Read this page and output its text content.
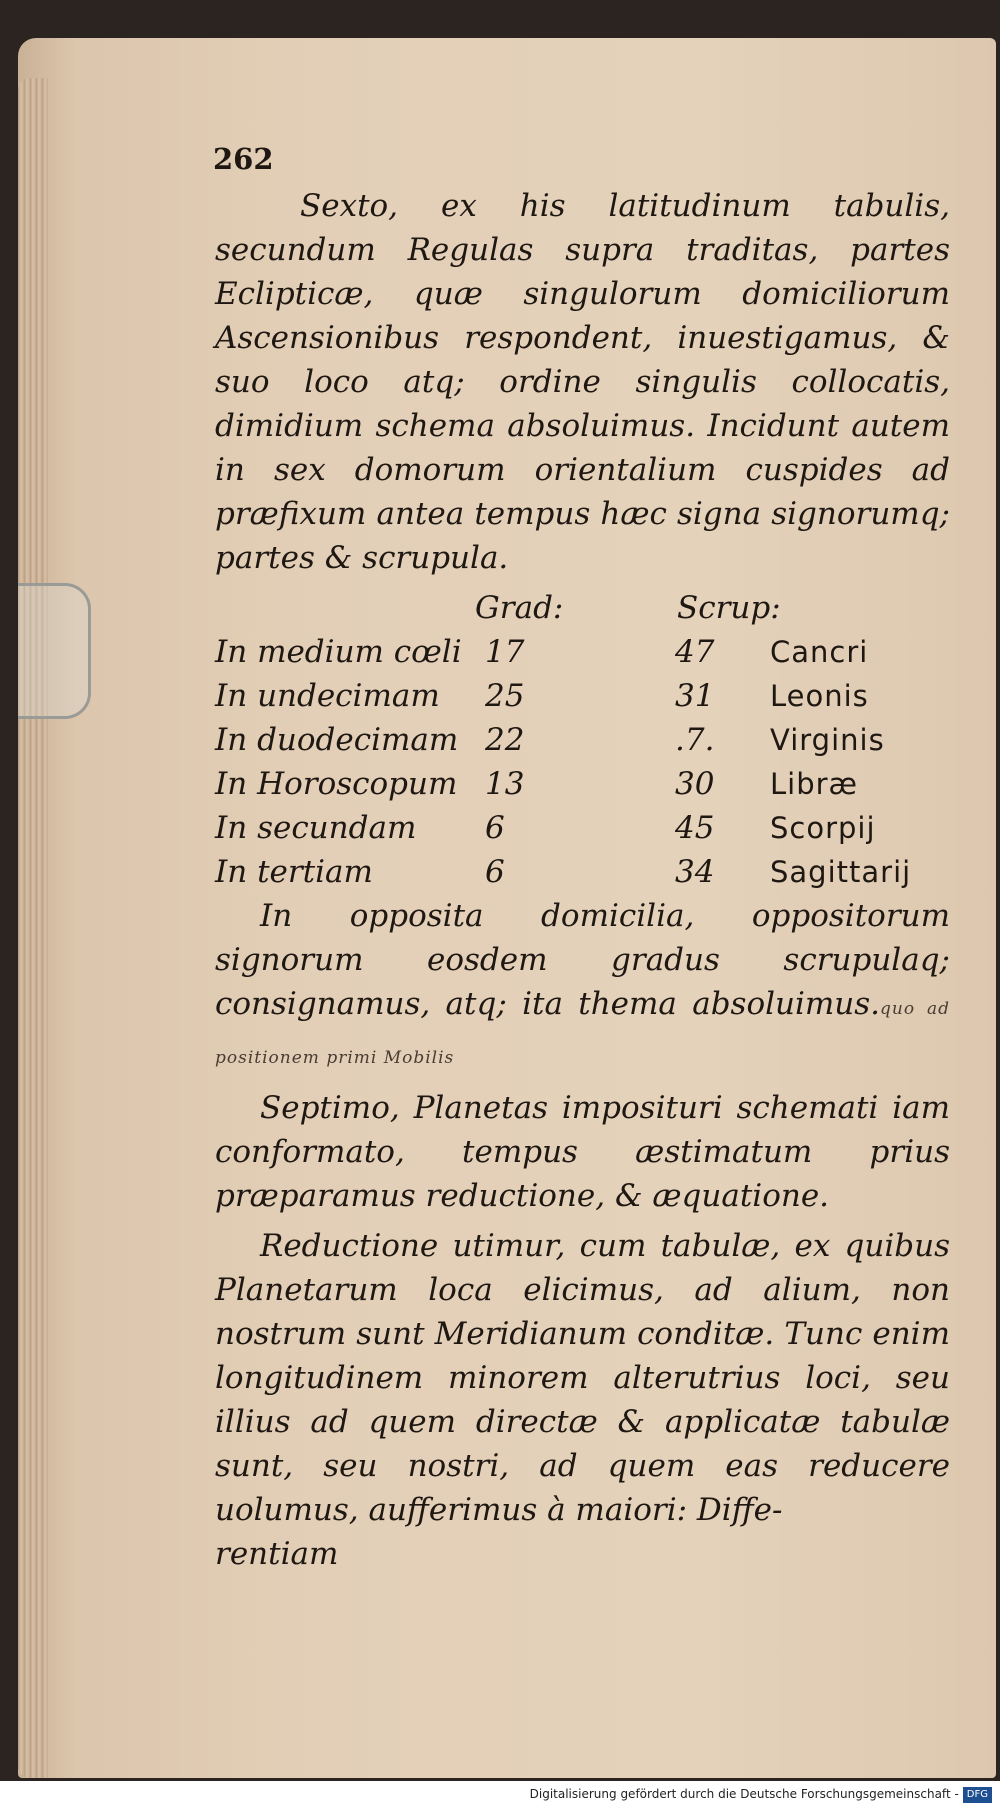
262

Sexto, ex his latitudinum tabulis, secundum Regulas supra traditas, partes Eclipticæ, quæ singulorum domiciliorum Ascensionibus respondent, inuestigamus, & suo loco atq; ordine singulis collocatis, dimidium schema absoluimus. Incidunt autem in sex domorum orientalium cuspides ad præfixum antea tempus hæc signa signorumq; partes & scrupula.

Grad:	Scrup:
In medium cœli	17	47	Cancri
In undecimam	25	31	Leonis
In duodecimam	22	.7.	Virginis
In Horoscopum	13	30	Libræ
In secundam	6	45	Scorpij
In tertiam	6	34	Sagittarij

In opposita domicilia, oppositorum signorum eosdem gradus scrupulaq; consignamus, atq; ita thema absoluimus.quo ad positionem primi Mobilis

Septimo, Planetas imposituri schemati iam conformato, tempus æstimatum prius præparamus reductione, & æquatione.

Reductione utimur, cum tabulæ, ex quibus Planetarum loca elicimus, ad alium, non nostrum sunt Meridianum conditæ. Tunc enim longitudinem minorem alterutrius loci, seu illius ad quem directæ & applicatæ tabulæ sunt, seu nostri, ad quem eas reducere uolumus, aufferimus à maiori: Diffe-

rentiam

Digitalisierung gefördert durch die Deutsche Forschungsgemeinschaft - DFG
